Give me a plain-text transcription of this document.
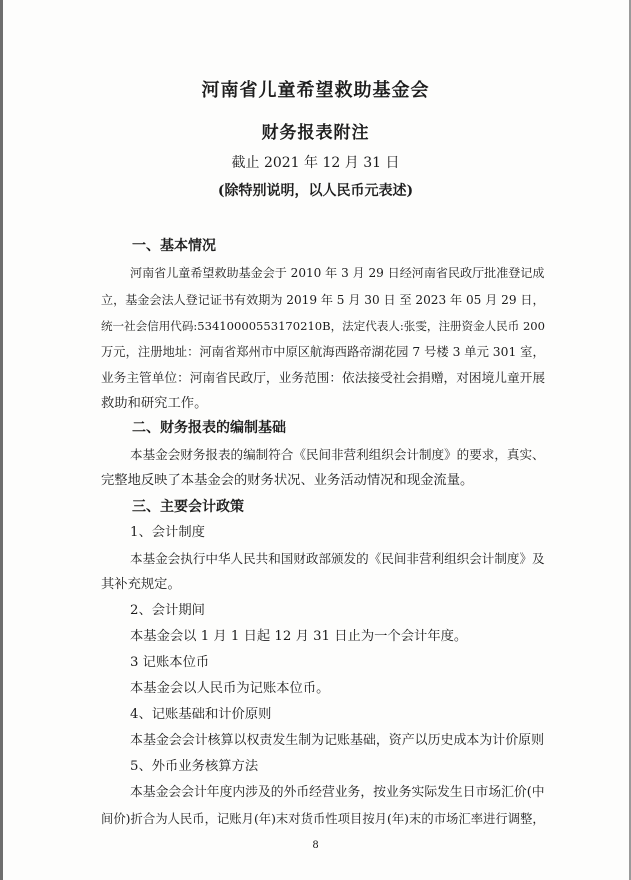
河南省儿童希望救助基金会
财务报表附注
截止 2021 年 12 月 31 日
(除特别说明，以人民币元表述)
一、基本情况
河南省儿童希望救助基金会于 2010 年 3 月 29 日经河南省民政厅批准登记成
立，基金会法人登记证书有效期为 2019 年 5 月 30 日 至 2023 年 05 月 29 日，
统一社会信用代码:53410000553170210B，法定代表人:张雯，注册资金人民币 200
万元，注册地址：河南省郑州市中原区航海西路帝湖花园 7 号楼 3 单元 301 室，
业务主管单位：河南省民政厅，业务范围：依法接受社会捐赠，对困境儿童开展
救助和研究工作。
二、财务报表的编制基础
本基金会财务报表的编制符合《民间非营利组织会计制度》的要求，真实、
完整地反映了本基金会的财务状况、业务活动情况和现金流量。
三、主要会计政策
1、会计制度
本基金会执行中华人民共和国财政部颁发的《民间非营利组织会计制度》及
其补充规定。
2、会计期间
本基金会以 1 月 1 日起 12 月 31 日止为一个会计年度。
3 记账本位币
本基金会以人民币为记账本位币。
4、记账基础和计价原则
本基金会会计核算以权责发生制为记账基础，资产以历史成本为计价原则
5、外币业务核算方法
本基金会会计年度内涉及的外币经营业务，按业务实际发生日市场汇价(中
间价)折合为人民币，记账月(年)末对货币性项目按月(年)末的市场汇率进行调整，
8
